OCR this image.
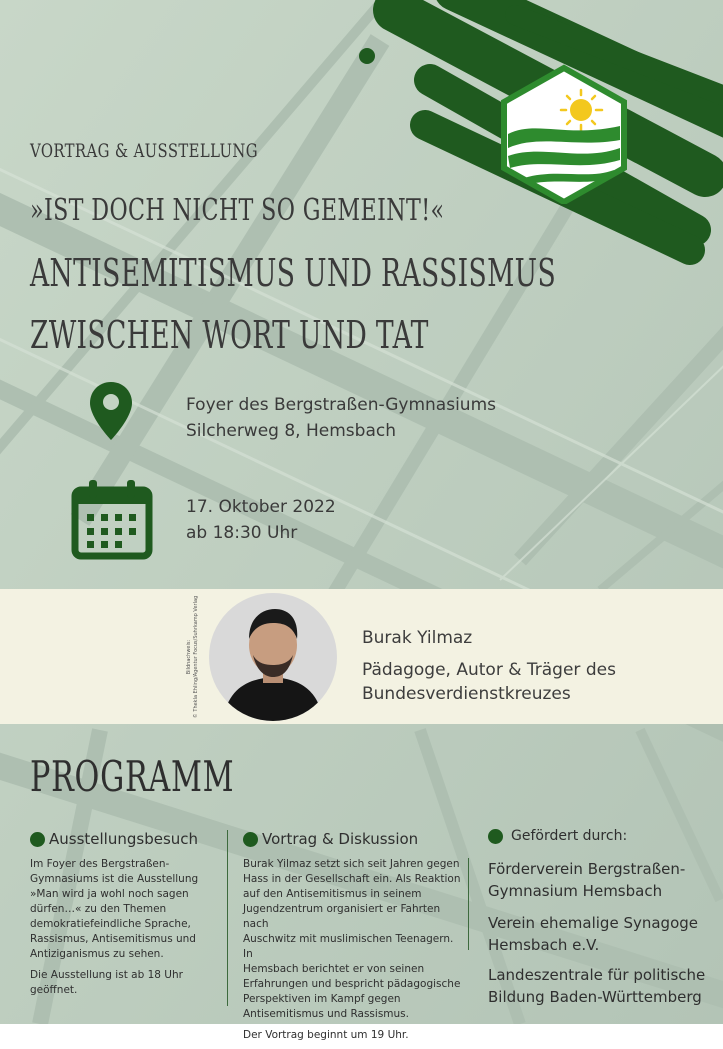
VORTRAG & AUSSTELLUNG
»IST DOCH NICHT SO GEMEINT!«
ANTISEMITISMUS UND RASSISMUS
ZWISCHEN WORT UND TAT
Foyer des Bergstraßen-Gymnasiums
Silcherweg 8, Hemsbach
17. Oktober 2022
ab 18:30 Uhr
Bildnachweis: © Thekla Ehling/Agentur Focus/Suhrkamp Verlag	Burak Yilmaz
Pädagoge, Autor & Träger des
Bundesverdienstkreuzes
PROGRAMM
Ausstellungsbesuch

Im Foyer des Bergstraßen-
Gymnasiums ist die Ausstellung
»Man wird ja wohl noch sagen
dürfen…« zu den Themen
demokratiefeindliche Sprache,
Rassismus, Antisemitismus und
Antiziganismus zu sehen.

Die Ausstellung ist ab 18 Uhr
geöffnet.

Vortrag & Diskussion

Burak Yilmaz setzt sich seit Jahren gegen
Hass in der Gesellschaft ein. Als Reaktion
auf den Antisemitismus in seinem
Jugendzentrum organisiert er Fahrten nach
Auschwitz mit muslimischen Teenagern. In
Hemsbach berichtet er von seinen
Erfahrungen und bespricht pädagogische
Perspektiven im Kampf gegen
Antisemitismus und Rassismus.

Der Vortrag beginnt um 19 Uhr.

Gefördert durch:
Förderverein Bergstraßen-
Gymnasium Hemsbach
Verein ehemalige Synagoge
Hemsbach e.V.
Landeszentrale für politische
Bildung Baden-Württemberg
